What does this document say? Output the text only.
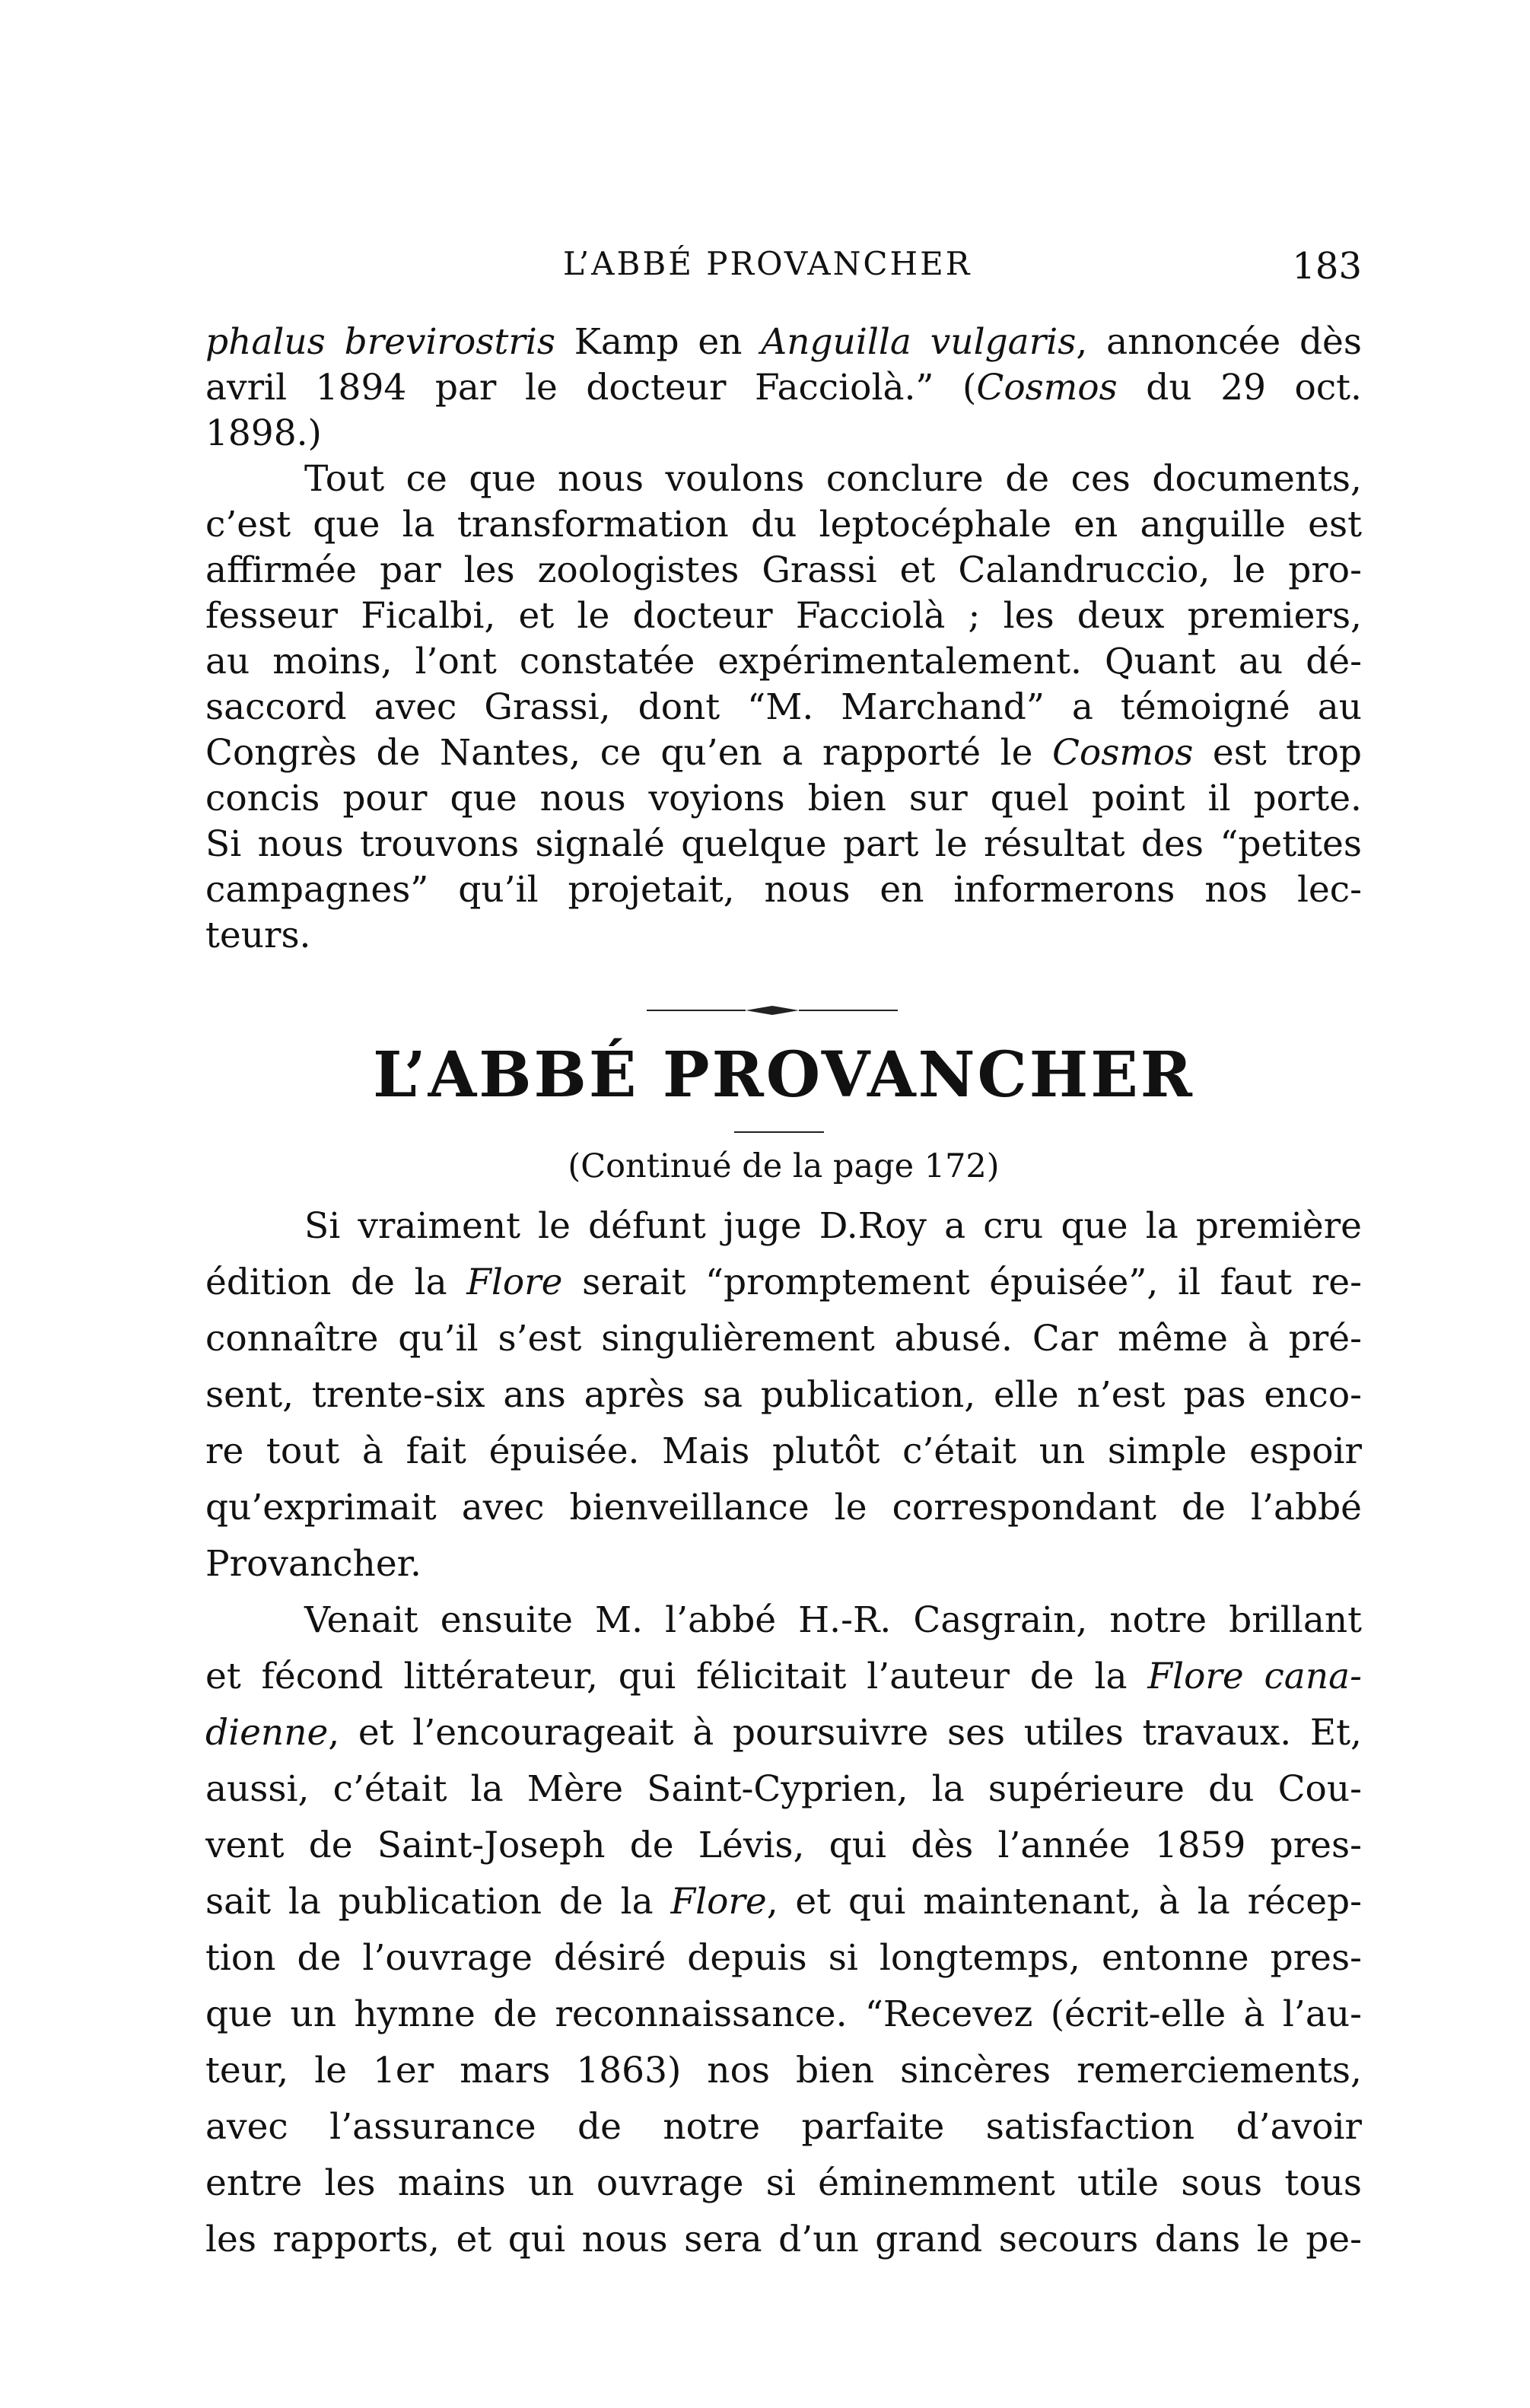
L’ABBÉ PROVANCHER	183
phalus brevirostris Kamp en Anguilla vulgaris, annoncée dès
avril 1894 par le docteur Facciolà.” (Cosmos du 29 oct.
1898.)
Tout ce que nous voulons conclure de ces documents,
c’est que la transformation du leptocéphale en anguille est
affirmée par les zoologistes Grassi et Calandruccio, le pro-
fesseur Ficalbi, et le docteur Facciolà ; les deux premiers,
au moins, l’ont constatée expérimentalement. Quant au dé-
saccord avec Grassi, dont “M. Marchand” a témoigné au
Congrès de Nantes, ce qu’en a rapporté le Cosmos est trop
concis pour que nous voyions bien sur quel point il porte.
Si nous trouvons signalé quelque part le résultat des “petites
campagnes” qu’il projetait, nous en informerons nos lec-
teurs.
L’ABBÉ PROVANCHER
(Continué de la page 172)
Si vraiment le défunt juge D.Roy a cru que la première
édition de la Flore serait “promptement épuisée”, il faut re-
connaître qu’il s’est singulièrement abusé. Car même à pré-
sent, trente-six ans après sa publication, elle n’est pas enco-
re tout à fait épuisée. Mais plutôt c’était un simple espoir
qu’exprimait avec bienveillance le correspondant de l’abbé
Provancher.
Venait ensuite M. l’abbé H.-R. Casgrain, notre brillant
et fécond littérateur, qui félicitait l’auteur de la Flore cana-
dienne, et l’encourageait à poursuivre ses utiles travaux. Et,
aussi, c’était la Mère Saint-Cyprien, la supérieure du Cou-
vent de Saint-Joseph de Lévis, qui dès l’année 1859 pres-
sait la publication de la Flore, et qui maintenant, à la récep-
tion de l’ouvrage désiré depuis si longtemps, entonne pres-
que un hymne de reconnaissance. “Recevez (écrit-elle à l’au-
teur, le 1er mars 1863) nos bien sincères remerciements,
avec l’assurance de notre parfaite satisfaction d’avoir
entre les mains un ouvrage si éminemment utile sous tous
les rapports, et qui nous sera d’un grand secours dans le pe-
